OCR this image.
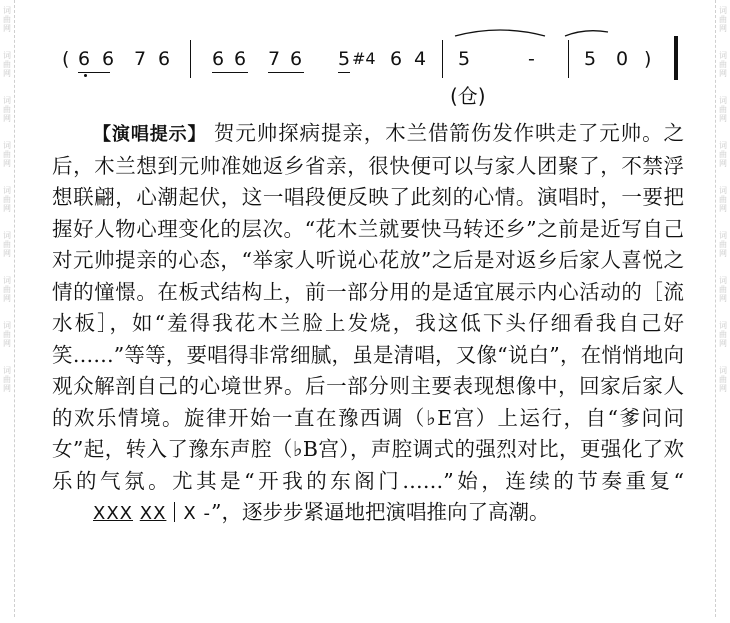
词
曲
网
词
曲
网
词
曲
网
词
曲
网
词
曲
网
词
曲
网
词
曲
网
词
曲
网
词
曲
网
词
曲
网
词
曲
网
词
曲
网
词
曲
网
词
曲
网
词
曲
网
词
曲
网
词
曲
网
词
曲
网
( 6 6 7 6 6 6 7 6 5 #4 6 4 5	-	5 0 )
(仓)

【演唱提示】 贺元帅探病提亲，木兰借箭伤发作哄走了元帅。之后，木兰想到元帅准她返乡省亲，很快便可以与家人团聚了，不禁浮想联翩，心潮起伏，这一唱段便反映了此刻的心情。演唱时，一要把握好人物心理变化的层次。“花木兰就要快马转还乡”之前是近写自己对元帅提亲的心态，“举家人听说心花放”之后是对返乡后家人喜悦之情的憧憬。在板式结构上，前一部分用的是适宜展示内心活动的［流水板］，如“羞得我花木兰脸上发烧，我这低下头仔细看我自己好笑……”等等，要唱得非常细腻，虽是清唱，又像“说白”，在悄悄地向观众解剖自己的心境世界。后一部分则主要表现想像中，回家后家人的欢乐情境。旋律开始一直在豫西调（♭E宫）上运行，自“爹问问女”起，转入了豫东声腔（♭B宫），声腔调式的强烈对比，更强化了欢乐的气氛。尤其是“开我的东阁门……”始，连续的节奏重复“XXX XX X -”，逐步步紧逼地把演唱推向了高潮。
